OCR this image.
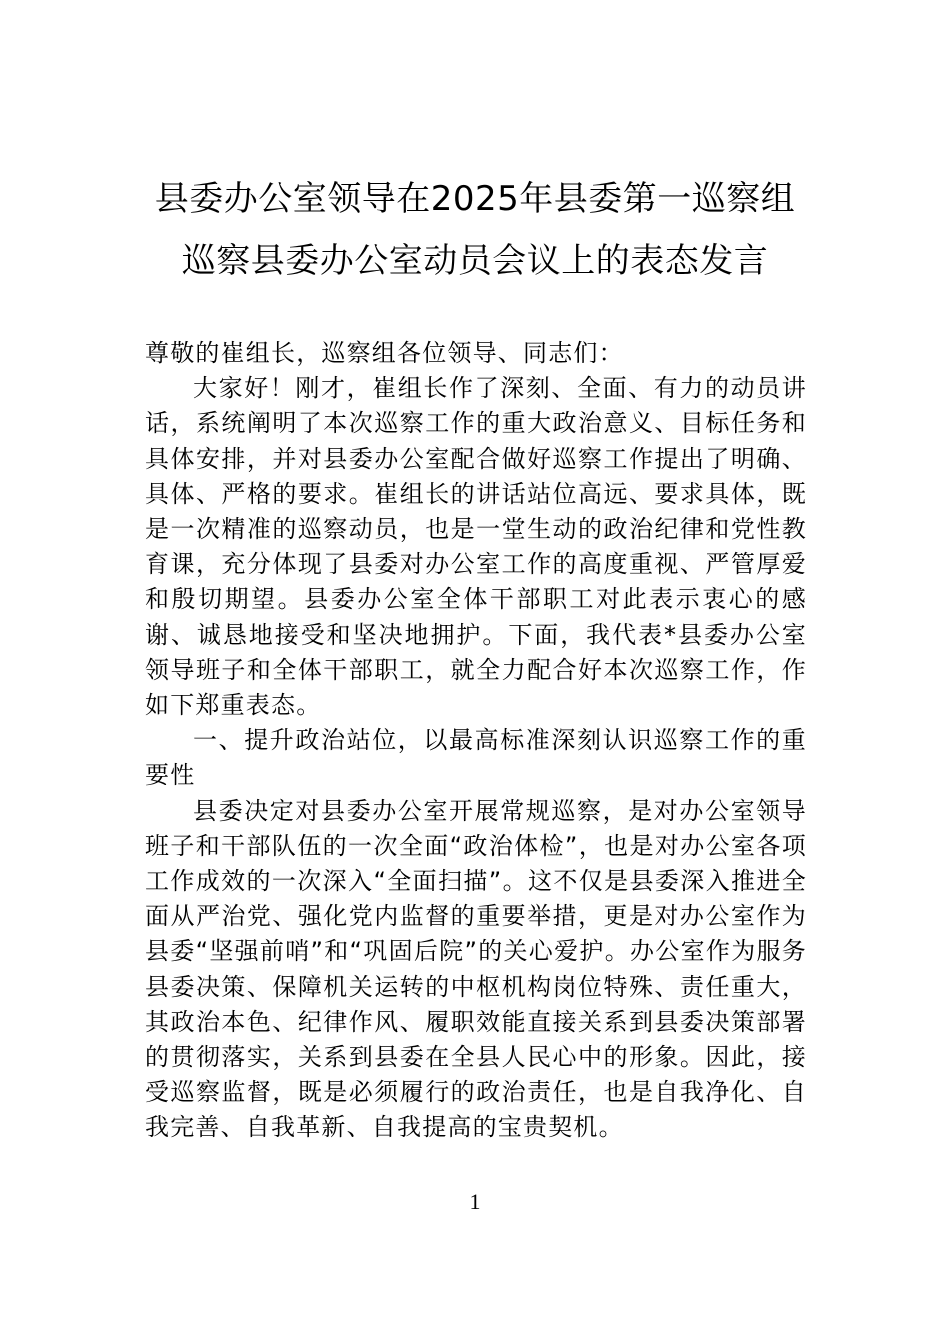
县委办公室领导在2025年县委第一巡察组
巡察县委办公室动员会议上的表态发言

尊敬的崔组长，巡察组各位领导、同志们：

大家好！刚才，崔组长作了深刻、全面、有力的动员讲话，系统阐明了本次巡察工作的重大政治意义、目标任务和具体安排，并对县委办公室配合做好巡察工作提出了明确、具体、严格的要求。崔组长的讲话站位高远、要求具体，既是一次精准的巡察动员，也是一堂生动的政治纪律和党性教育课，充分体现了县委对办公室工作的高度重视、严管厚爱和殷切期望。县委办公室全体干部职工对此表示衷心的感谢、诚恳地接受和坚决地拥护。下面，我代表*县委办公室领导班子和全体干部职工，就全力配合好本次巡察工作，作如下郑重表态。

一、提升政治站位，以最高标准深刻认识巡察工作的重要性

县委决定对县委办公室开展常规巡察，是对办公室领导班子和干部队伍的一次全面“政治体检”，也是对办公室各项工作成效的一次深入“全面扫描”。这不仅是县委深入推进全面从严治党、强化党内监督的重要举措，更是对办公室作为县委“坚强前哨”和“巩固后院”的关心爱护。办公室作为服务县委决策、保障机关运转的中枢机构岗位特殊、责任重大，其政治本色、纪律作风、履职效能直接关系到县委决策部署的贯彻落实，关系到县委在全县人民心中的形象。因此，接受巡察监督，既是必须履行的政治责任，也是自我净化、自我完善、自我革新、自我提高的宝贵契机。

1
